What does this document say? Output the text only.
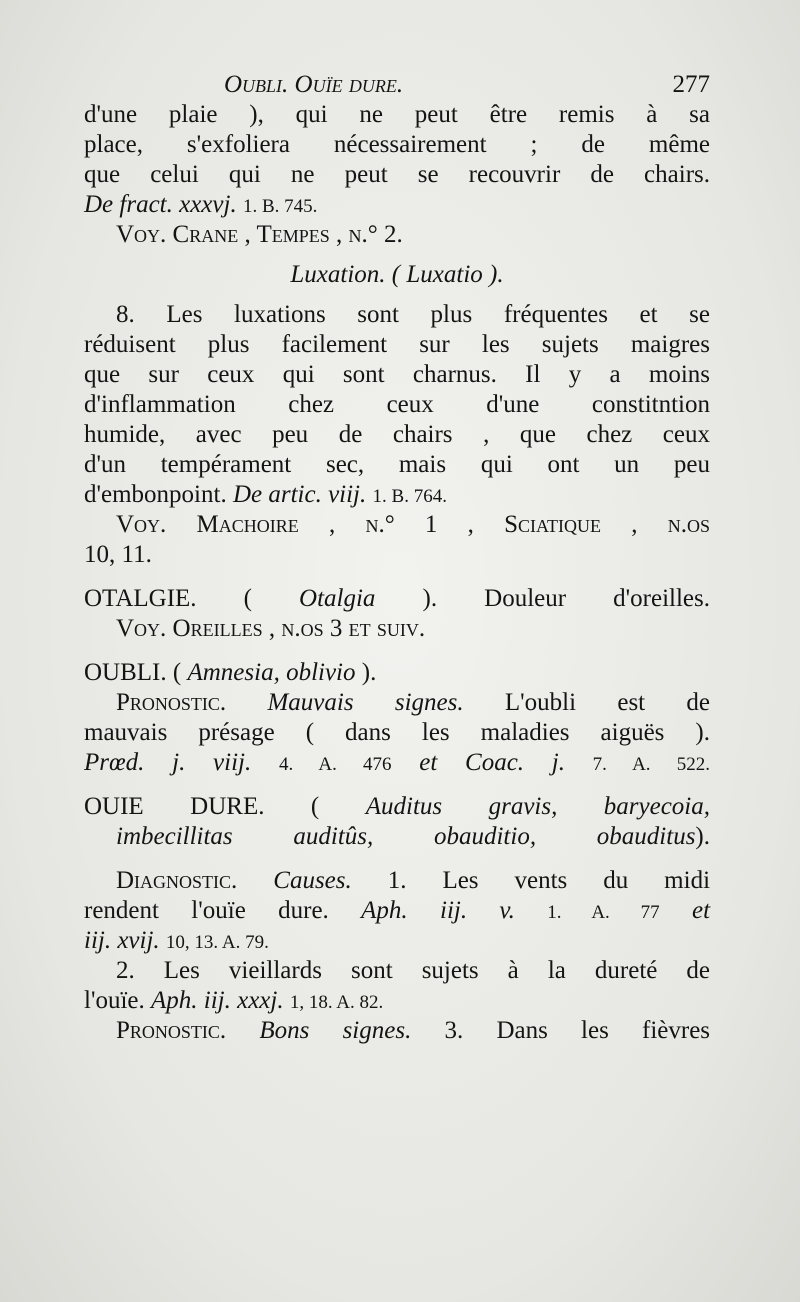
Oubli. Ouïe dure.	277
d'une plaie ), qui ne peut être remis à sa
place, s'exfoliera nécessairement ; de même
que celui qui ne peut se recouvrir de chairs.
De fract. xxxvj. 1. B. 745.
Voy. Crane , Tempes , n.° 2.
Luxation. ( Luxatio ).
8. Les luxations sont plus fréquentes et se
réduisent plus facilement sur les sujets maigres
que sur ceux qui sont charnus. Il y a moins
d'inflammation chez ceux d'une constitntion
humide, avec peu de chairs , que chez ceux
d'un tempérament sec, mais qui ont un peu
d'embonpoint. De artic. viij. 1. B. 764.
Voy. Machoire , n.° 1 , Sciatique , n.os
10, 11.
OTALGIE. ( Otalgia ). Douleur d'oreilles.
Voy. Oreilles , n.os 3 et suiv.
OUBLI. ( Amnesia, oblivio ).
Pronostic. Mauvais signes. L'oubli est de
mauvais présage ( dans les maladies aiguës ).
Prœd. j. viij. 4. A. 476 et Coac. j. 7. A. 522.
OUIE DURE. ( Auditus gravis, baryecoia,
imbecillitas auditûs, obauditio, obauditus).
Diagnostic. Causes. 1. Les vents du midi
rendent l'ouïe dure. Aph. iij. v. 1. A. 77 et
iij. xvij. 10, 13. A. 79.
2. Les vieillards sont sujets à la dureté de
l'ouïe. Aph. iij. xxxj. 1, 18. A. 82.
Pronostic. Bons signes. 3. Dans les fièvres
